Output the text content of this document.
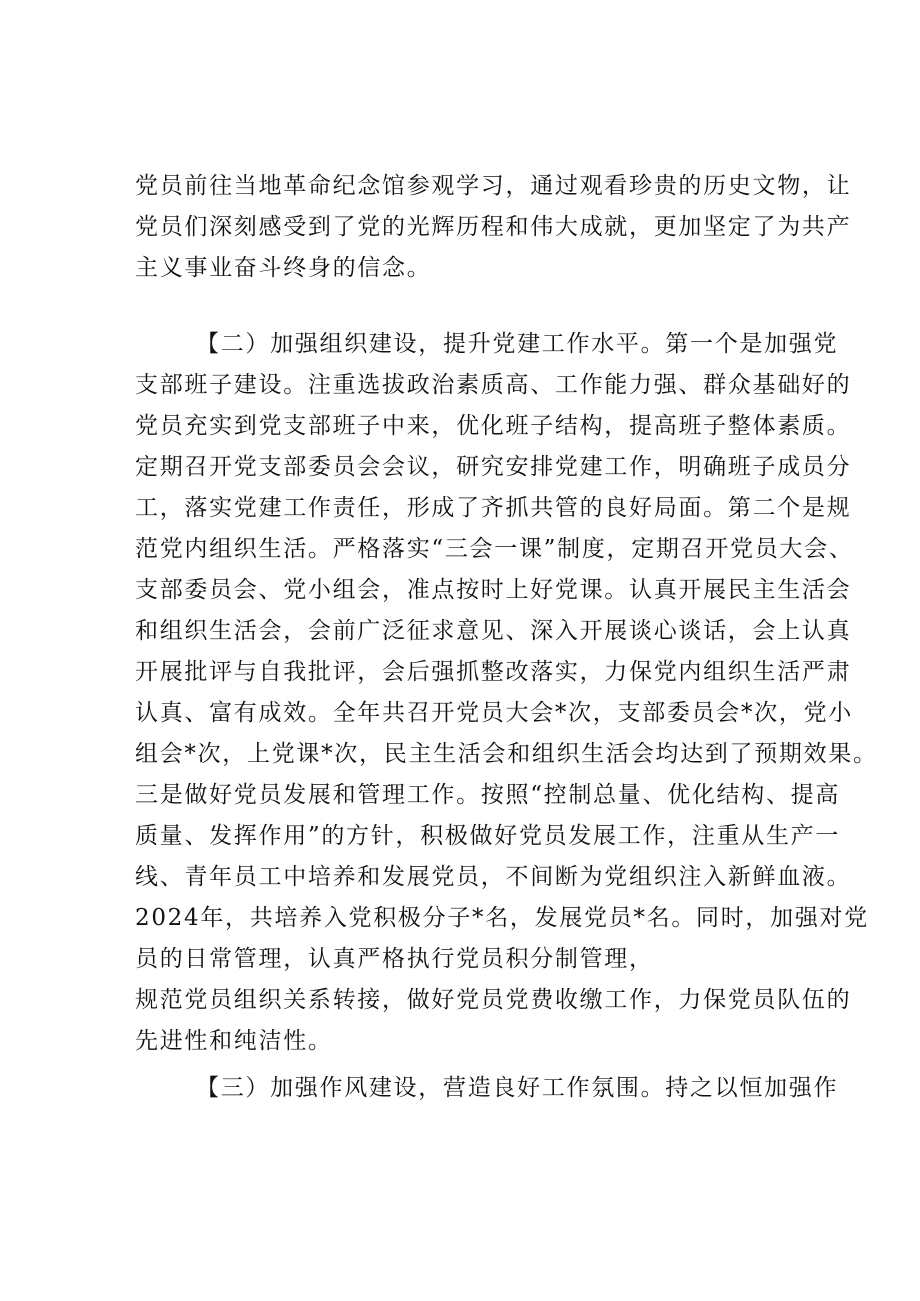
党员前往当地革命纪念馆参观学习，通过观看珍贵的历史文物，让
党员们深刻感受到了党的光辉历程和伟大成就，更加坚定了为共产
主义事业奋斗终身的信念。
【二）加强组织建设，提升党建工作水平。第一个是加强党
支部班子建设。注重选拔政治素质高、工作能力强、群众基础好的
党员充实到党支部班子中来，优化班子结构，提高班子整体素质。
定期召开党支部委员会会议，研究安排党建工作，明确班子成员分
工，落实党建工作责任，形成了齐抓共管的良好局面。第二个是规
范党内组织生活。严格落实“三会一课”制度，定期召开党员大会、
支部委员会、党小组会，准点按时上好党课。认真开展民主生活会
和组织生活会，会前广泛征求意见、深入开展谈心谈话，会上认真
开展批评与自我批评，会后强抓整改落实，力保党内组织生活严肃
认真、富有成效。全年共召开党员大会*次，支部委员会*次，党小
组会*次，上党课*次，民主生活会和组织生活会均达到了预期效果。
三是做好党员发展和管理工作。按照“控制总量、优化结构、提高
质量、发挥作用”的方针，积极做好党员发展工作，注重从生产一
线、青年员工中培养和发展党员，不间断为党组织注入新鲜血液。
2024年，共培养入党积极分子*名，发展党员*名。同时，加强对党
员的日常管理，认真严格执行党员积分制管理，
规范党员组织关系转接，做好党员党费收缴工作，力保党员队伍的
先进性和纯洁性。
【三）加强作风建设，营造良好工作氛围。持之以恒加强作
